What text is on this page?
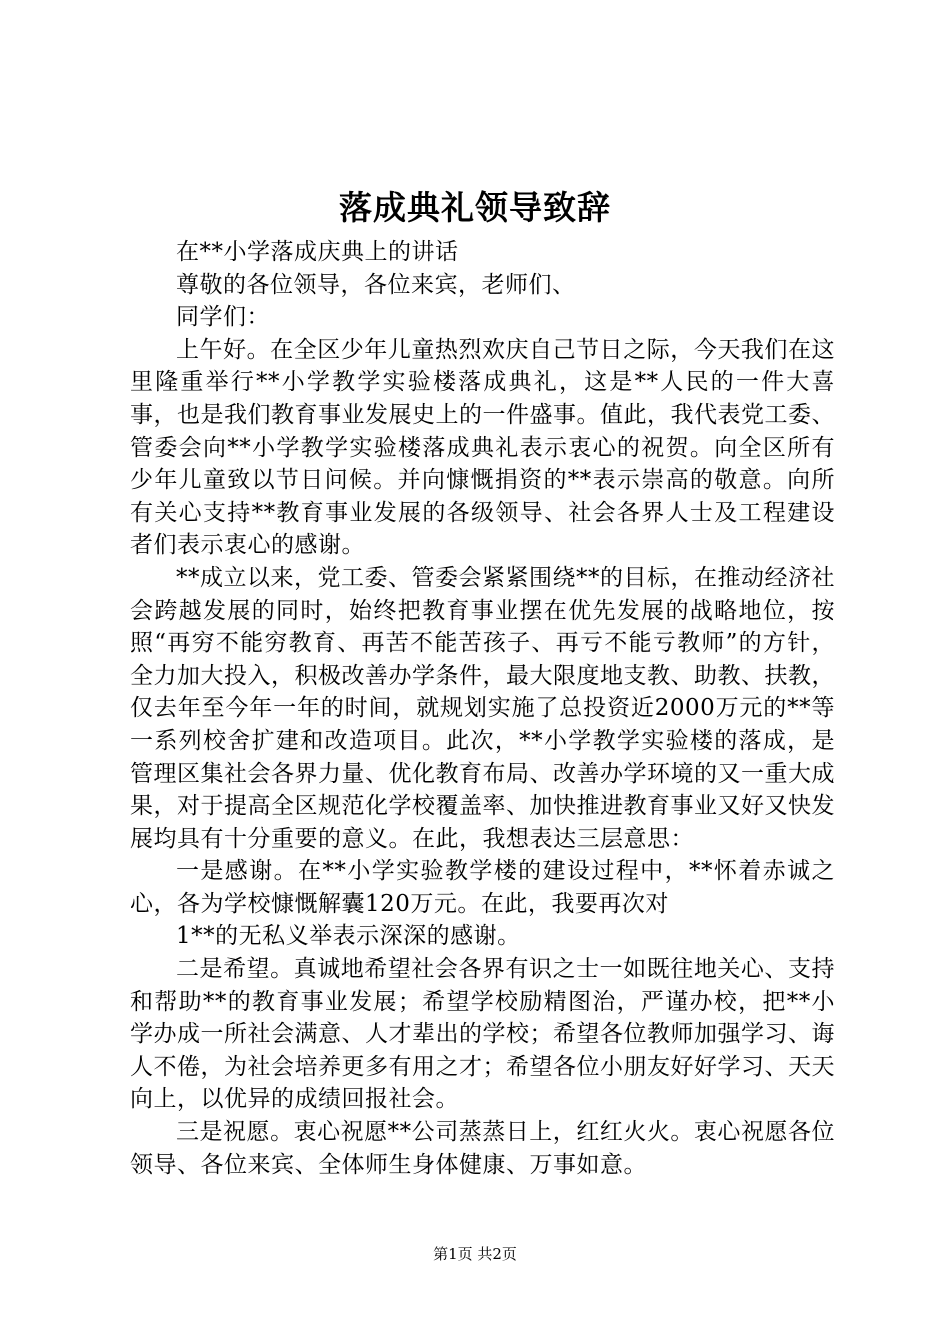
落成典礼领导致辞

在**小学落成庆典上的讲话

尊敬的各位领导，各位来宾，老师们、

同学们：

上午好。在全区少年儿童热烈欢庆自己节日之际，今天我们在这里隆重举行**小学教学实验楼落成典礼，这是**人民的一件大喜事，也是我们教育事业发展史上的一件盛事。值此，我代表党工委、管委会向**小学教学实验楼落成典礼表示衷心的祝贺。向全区所有少年儿童致以节日问候。并向慷慨捐资的**表示崇高的敬意。向所有关心支持**教育事业发展的各级领导、社会各界人士及工程建设者们表示衷心的感谢。

**成立以来，党工委、管委会紧紧围绕**的目标，在推动经济社会跨越发展的同时，始终把教育事业摆在优先发展的战略地位，按照“再穷不能穷教育、再苦不能苦孩子、再亏不能亏教师”的方针，全力加大投入，积极改善办学条件，最大限度地支教、助教、扶教，仅去年至今年一年的时间，就规划实施了总投资近2000万元的**等一系列校舍扩建和改造项目。此次，**小学教学实验楼的落成，是管理区集社会各界力量、优化教育布局、改善办学环境的又一重大成果，对于提高全区规范化学校覆盖率、加快推进教育事业又好又快发展均具有十分重要的意义。在此，我想表达三层意思：

一是感谢。在**小学实验教学楼的建设过程中，**怀着赤诚之心，各为学校慷慨解囊120万元。在此，我要再次对

1**的无私义举表示深深的感谢。

二是希望。真诚地希望社会各界有识之士一如既往地关心、支持和帮助**的教育事业发展；希望学校励精图治，严谨办校，把**小学办成一所社会满意、人才辈出的学校；希望各位教师加强学习、诲人不倦，为社会培养更多有用之才；希望各位小朋友好好学习、天天向上，以优异的成绩回报社会。

三是祝愿。衷心祝愿**公司蒸蒸日上，红红火火。衷心祝愿各位领导、各位来宾、全体师生身体健康、万事如意。

第1页 共2页
